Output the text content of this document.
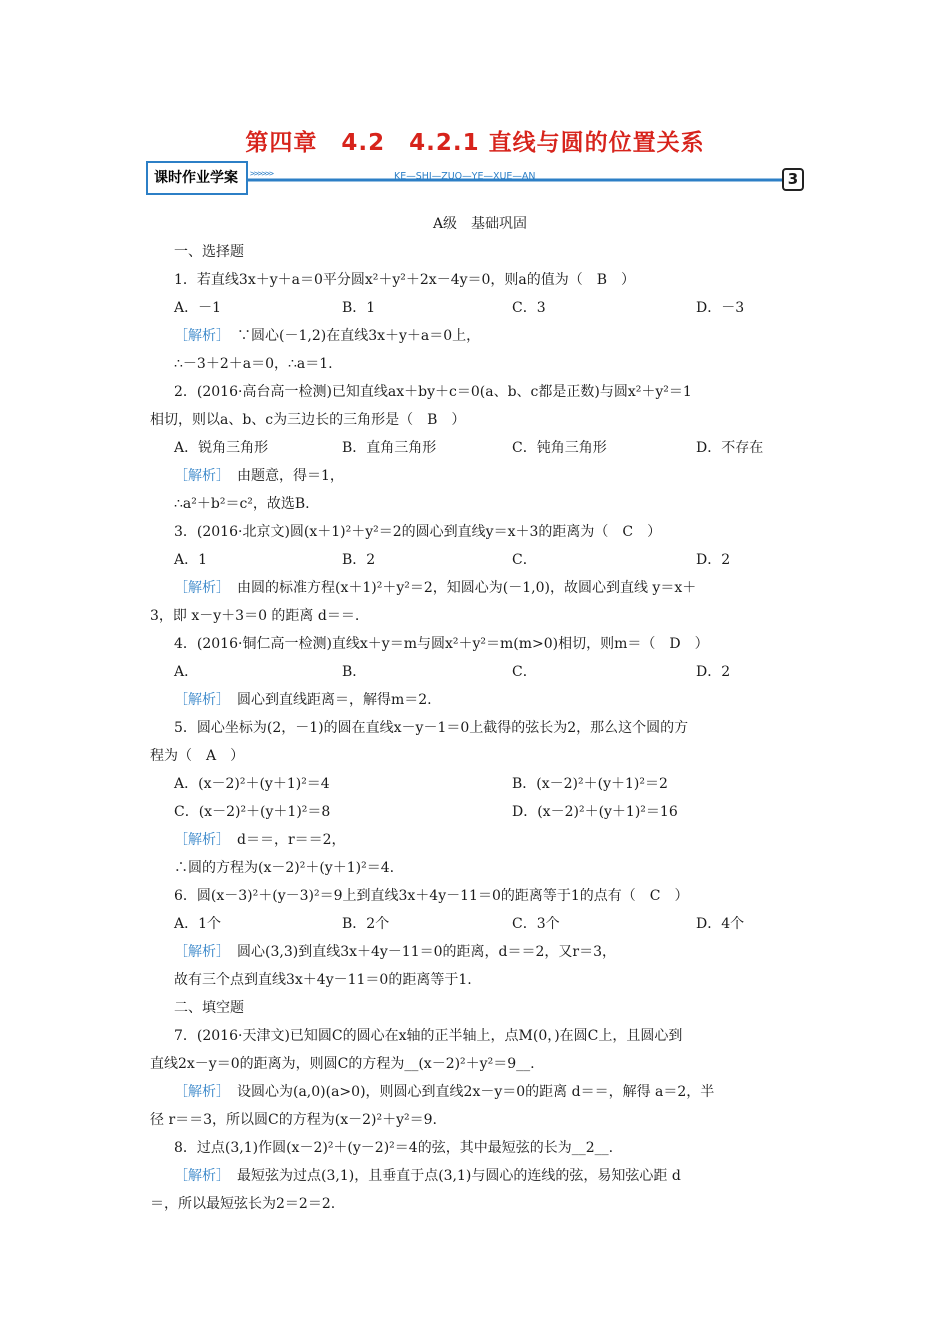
第四章　4.2　4.2.1 直线与圆的位置关系
课时作业学案 >>>>>>	KE—SHI—ZUO—YE—XUE—AN	3
A级　基础巩固
一、选择题
1．若直线3x＋y＋a＝0平分圆x²＋y²＋2x－4y＝0，则a的值为（　B　）
A．－1	B．1	C．3	D．－3
［解析］　∵圆心(－1,2)在直线3x＋y＋a＝0上，
∴－3＋2＋a＝0，∴a＝1.
2．(2016·高台高一检测)已知直线ax＋by＋c＝0(a、b、c都是正数)与圆x²＋y²＝1
相切，则以a、b、c为三边长的三角形是（　B　）
A．锐角三角形	B．直角三角形	C．钝角三角形	D．不存在
［解析］　由题意，得＝1，
∴a²＋b²＝c²，故选B.
3．(2016·北京文)圆(x＋1)²＋y²＝2的圆心到直线y＝x＋3的距离为（　C　）
A．1	B．2	C．	D．2
［解析］　由圆的标准方程(x＋1)²＋y²＝2，知圆心为(－1,0)，故圆心到直线 y＝x＋
3，即 x－y＋3＝0 的距离 d＝＝.
4．(2016·铜仁高一检测)直线x＋y＝m与圆x²＋y²＝m(m>0)相切，则m＝（　D　）
A．	B．	C．	D．2
［解析］　圆心到直线距离＝，解得m＝2.
5．圆心坐标为(2，－1)的圆在直线x－y－1＝0上截得的弦长为2，那么这个圆的方
程为（　A　）
A．(x－2)²＋(y＋1)²＝4	B．(x－2)²＋(y＋1)²＝2
C．(x－2)²＋(y＋1)²＝8	D．(x－2)²＋(y＋1)²＝16
［解析］　d＝＝，r＝＝2，
∴圆的方程为(x－2)²＋(y＋1)²＝4.
6．圆(x－3)²＋(y－3)²＝9上到直线3x＋4y－11＝0的距离等于1的点有（　C　）
A．1个	B．2个	C．3个	D．4个
［解析］　圆心(3,3)到直线3x＋4y－11＝0的距离，d＝＝2，又r＝3，
故有三个点到直线3x＋4y－11＝0的距离等于1.
二、填空题
7．(2016·天津文)已知圆C的圆心在x轴的正半轴上，点M(0，)在圆C上，且圆心到
直线2x－y＝0的距离为，则圆C的方程为__(x－2)²＋y²＝9__.
［解析］　设圆心为(a,0)(a>0)，则圆心到直线2x－y＝0的距离 d＝＝，解得 a＝2，半
径 r＝＝3，所以圆C的方程为(x－2)²＋y²＝9.
8．过点(3,1)作圆(x－2)²＋(y－2)²＝4的弦，其中最短弦的长为__2__.
［解析］　最短弦为过点(3,1)，且垂直于点(3,1)与圆心的连线的弦，易知弦心距 d
＝，所以最短弦长为2＝2＝2.
